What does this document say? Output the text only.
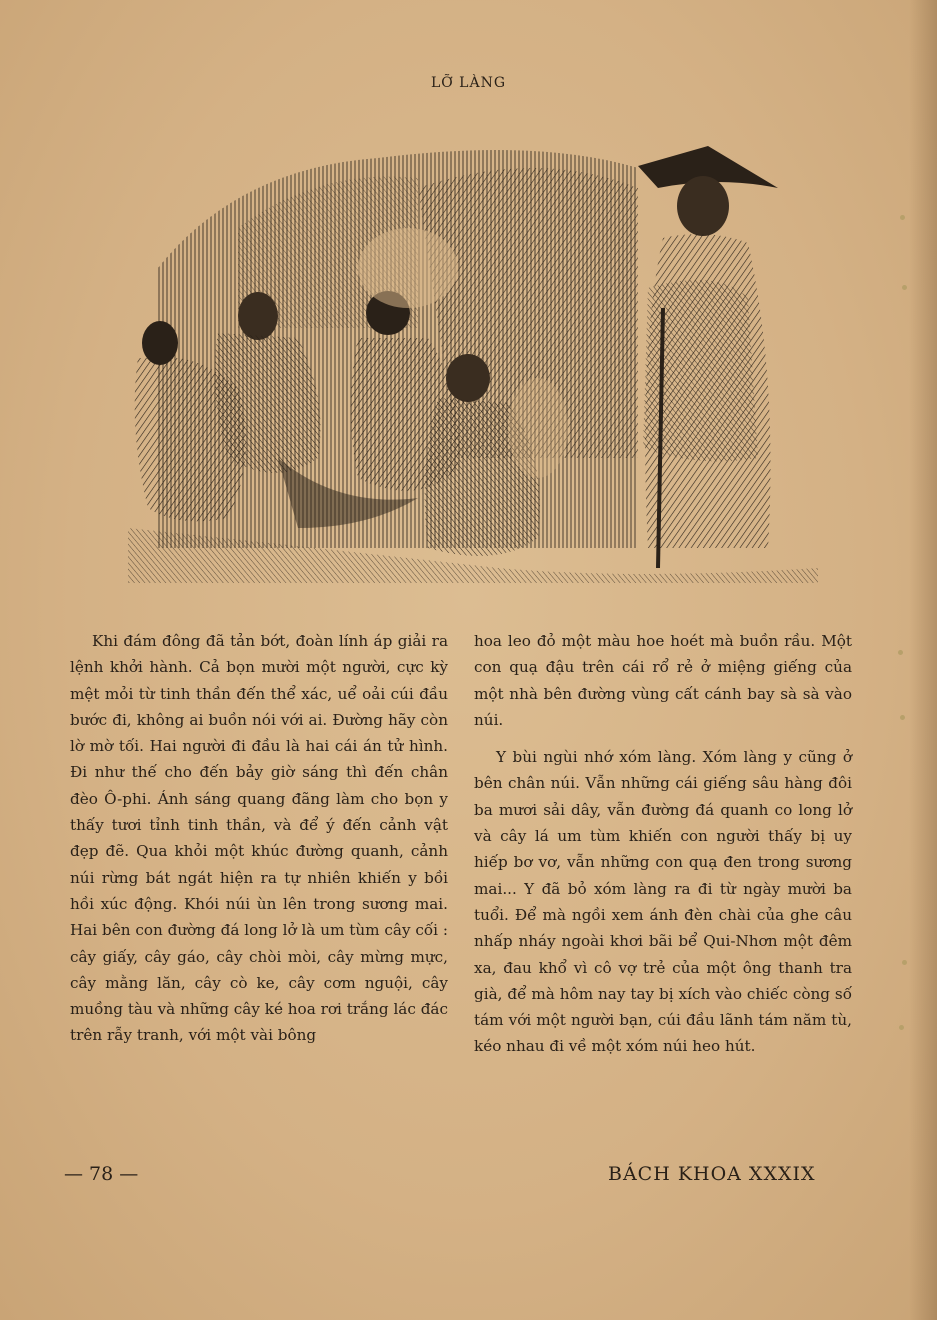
LỠ LÀNG

Khi đám đông đã tản bớt, đoàn lính áp giải ra lệnh khởi hành. Cả bọn mười một người, cực kỳ mệt mỏi từ tinh thần đến thể xác, uể oải cúi đầu bước đi, không ai buồn nói với ai. Đường hãy còn lờ mờ tối. Hai người đi đầu là hai cái án tử hình. Đi như thế cho đến bảy giờ sáng thì đến chân đèo Ô-phi. Ánh sáng quang đãng làm cho bọn y thấy tươi tỉnh tinh thần, và để ý đến cảnh vật đẹp đẽ. Qua khỏi một khúc đường quanh, cảnh núi rừng bát ngát hiện ra tự nhiên khiến y bồi hồi xúc động. Khói núi ùn lên trong sương mai. Hai bên con đường đá long lở là um tùm cây cối : cây giấy, cây gáo, cây chòi mòi, cây mừng mực, cây mằng lăn, cây cò ke, cây cơm nguội, cây muồng tàu và những cây ké hoa rơi trắng lác đác trên rẫy tranh, với một vài bông

hoa leo đỏ một màu hoe hoét mà buồn rầu. Một con quạ đậu trên cái rổ rẻ ở miệng giếng của một nhà bên đường vùng cất cánh bay sà sà vào núi.

Y bùi ngùi nhớ xóm làng. Xóm làng y cũng ở bên chân núi. Vẫn những cái giếng sâu hàng đôi ba mươi sải dây, vẫn đường đá quanh co long lở và cây lá um tùm khiến con người thấy bị uy hiếp bơ vơ, vẫn những con quạ đen trong sương mai... Y đã bỏ xóm làng ra đi từ ngày mười ba tuổi. Để mà ngồi xem ánh đèn chài của ghe câu nhấp nháy ngoài khơi bãi bể Qui-Nhơn một đêm xa, đau khổ vì cô vợ trẻ của một ông thanh tra già, để mà hôm nay tay bị xích vào chiếc còng số tám với một người bạn, cúi đầu lãnh tám năm tù, kéo nhau đi về một xóm núi heo hút.

— 78 —	BÁCH KHOA XXXIX
